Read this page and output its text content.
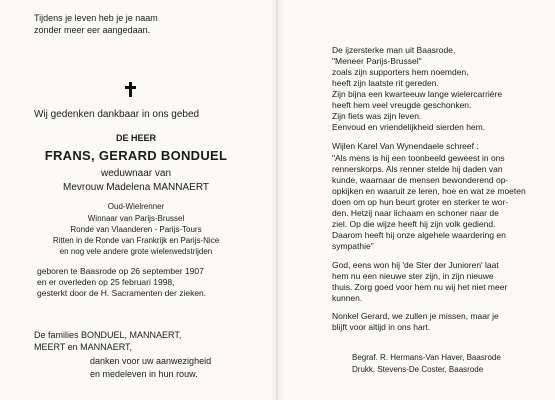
Tijdens je leven heb je je naam
zonder meer eer aangedaan.
Wij gedenken dankbaar in ons gebed
DE HEER
FRANS, GERARD BONDUEL
weduwnaar van
Mevrouw Madelena MANNAERT
Oud-Wielrenner
Winnaar van Parijs-Brussel
Ronde van Vlaanderen - Parijs-Tours
Ritten in de Ronde van Frankrijk en Parijs-Nice
en nog vele andere grote wielerwedstrijden
geboren te Baasrode op 26 september 1907
en er overleden op 25 februari 1998,
gesterkt door de H. Sacramenten der zieken.
De families BONDUEL, MANNAERT,
MEERT en MANNAERT,
danken voor uw aanwezigheid
en medeleven in hun rouw.
De ijzersterke man uit Baasrode,
"Meneer Parijs-Brussel"
zoals zijn supporters hem noemden,
heeft zijn laatste rit gereden.
Zijn bijna een kwarteeuw lange wielercarrière
heeft hem veel vreugde geschonken.
Zijn fiets was zijn leven.
Eenvoud en vriendelijkheid sierden hem.
Wijlen Karel Van Wynendaele schreef :
"Als mens is hij een toonbeeld geweest in ons
rennerskorps. Als renner stelde hij daden van
kunde, waarnaar de mensen bewonderend op-
opkijken en waaruit ze leren, hoe en wat ze moeten
doen om op hun beurt groter en sterker te wor-
den. Hetzij naar lichaam en schoner naar de
ziel. Op die wijze heeft hij zijn volk gediend.
Daarom heeft hij onze algehele waardering en
sympathie"
God, eens won hij 'de Ster der Junioren' laat
hem nu een nieuwe ster zijn, in zijn nieuwe
thuis. Zorg goed voor hem nu wij het niet meer
kunnen.
Nonkel Gerard, we zullen je missen, maar je
blijft voor altijd in ons hart.
Begraf. R. Hermans-Van Haver, Baasrode
Drukk. Stevens-De Coster, Baasrode
